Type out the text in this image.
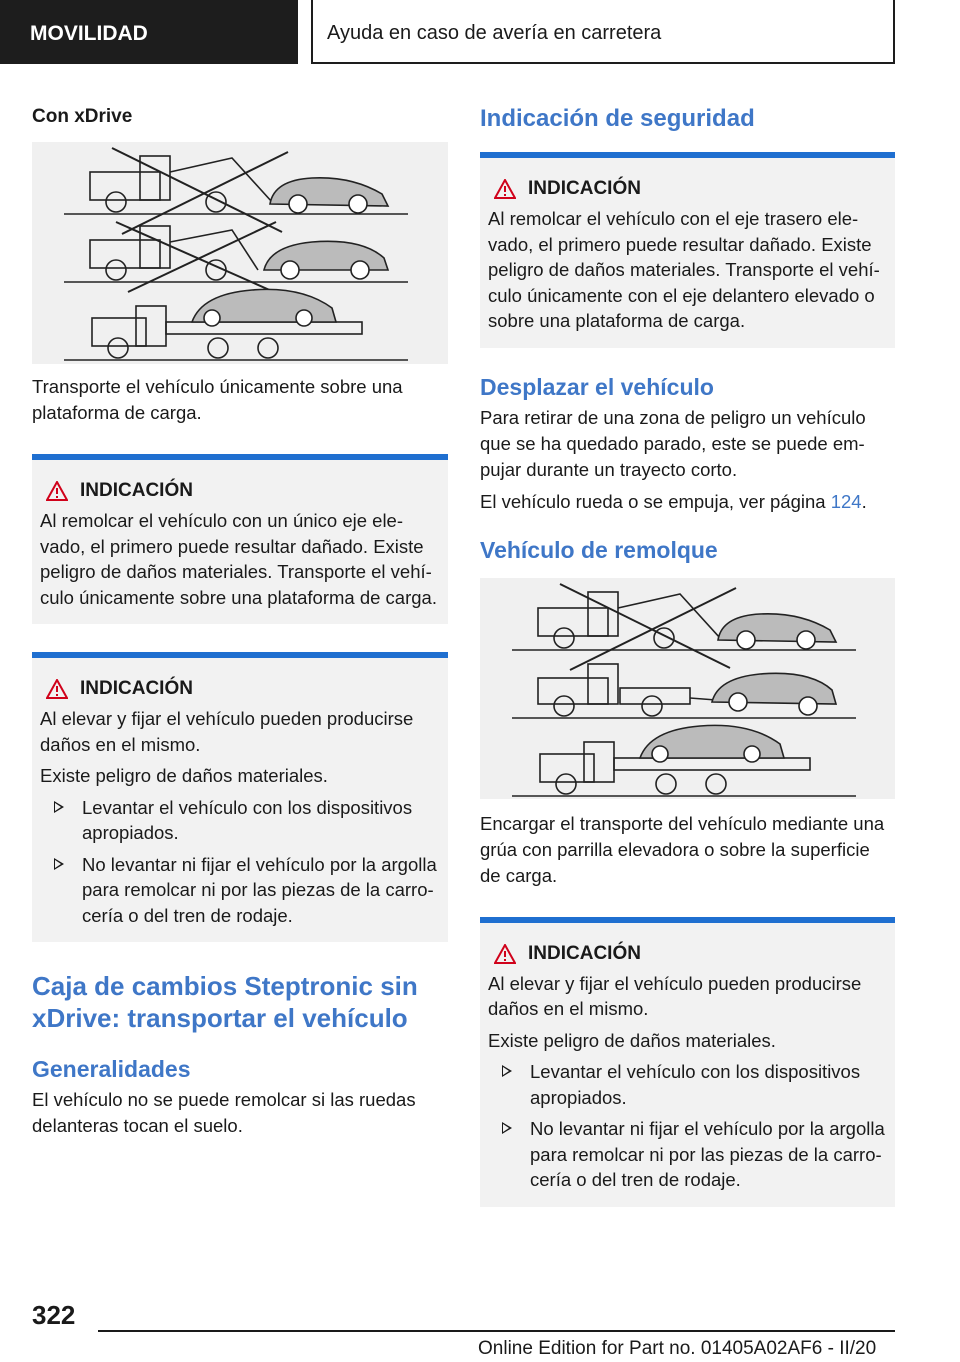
MOVILIDAD	Ayuda en caso de avería en carretera
Con xDrive
Transporte el vehículo únicamente sobre una plataforma de carga.
INDICACIÓN

Al remolcar el vehículo con un único eje ele-vado, el primero puede resultar dañado. Existe peligro de daños materiales. Transporte el vehí-culo únicamente sobre una plataforma de carga.

INDICACIÓN

Al elevar y fijar el vehículo pueden producirse daños en el mismo.

Existe peligro de daños materiales.

Levantar el vehículo con los dispositivos apropiados.
No levantar ni fijar el vehículo por la argolla para remolcar ni por las piezas de la carro-cería o del tren de rodaje.
Caja de cambios Steptronic sin xDrive: transportar el vehículo
Generalidades
El vehículo no se puede remolcar si las ruedas delanteras tocan el suelo.
Indicación de seguridad
INDICACIÓN

Al remolcar el vehículo con el eje trasero ele-vado, el primero puede resultar dañado. Existe peligro de daños materiales. Transporte el vehí-culo únicamente con el eje delantero elevado o sobre una plataforma de carga.

Desplazar el vehículo
Para retirar de una zona de peligro un vehículo que se ha quedado parado, este se puede em-pujar durante un trayecto corto.
El vehículo rueda o se empuja, ver página 124.
Vehículo de remolque
Encargar el transporte del vehículo mediante una grúa con parrilla elevadora o sobre la superficie de carga.
INDICACIÓN

Al elevar y fijar el vehículo pueden producirse daños en el mismo.

Existe peligro de daños materiales.

Levantar el vehículo con los dispositivos apropiados.
No levantar ni fijar el vehículo por la argolla para remolcar ni por las piezas de la carro-cería o del tren de rodaje.
322
Online Edition for Part no. 01405A02AF6 - II/20
